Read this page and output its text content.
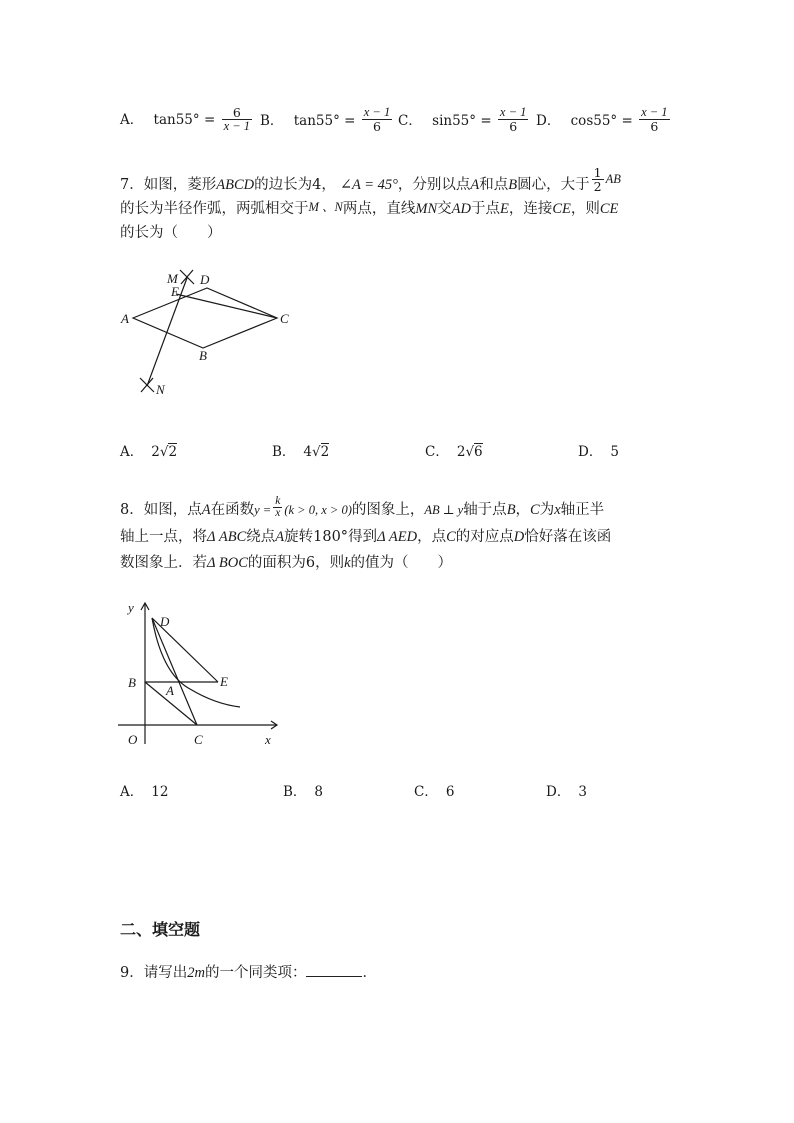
A． $\tan 55^\circ = \frac{6}{x - 1}$ B． $\tan 55^\circ = \frac{x - 1}{6}$ C． $\sin 55^\circ = \frac{x - 1}{6}$ D． $\cos 55^\circ = \frac{x - 1}{6}$
7．如图，菱形ABCD的边长为4， ∠A = 45°，分别以点A和点B圆心，大于 $\frac{1}{2}$ AB
的长为半径作弧，两弧相交于M 、N两点，直线MN交AD于点E，连接CE，则CE
的长为（　　）
M D
E
A	C
B
N
A． 2√2	B． 4√2	C． 2√6	D． 5
8．如图，点A在函数$y = \frac{k}{x} (k > 0$, x > 0)的图象上，AB ⊥ y轴于点B，C为x轴正半
轴上一点，将Δ ABC绕点A旋转180°得到Δ AED，点C的对应点D恰好落在该函
数图象上．若Δ BOC的面积为6，则k的值为（　　）
y
D
B
A
E
O	C	x
A． 12	B． 8	C． 6	D． 3
二、填空题
9．请写出2m的一个同类项：	．
